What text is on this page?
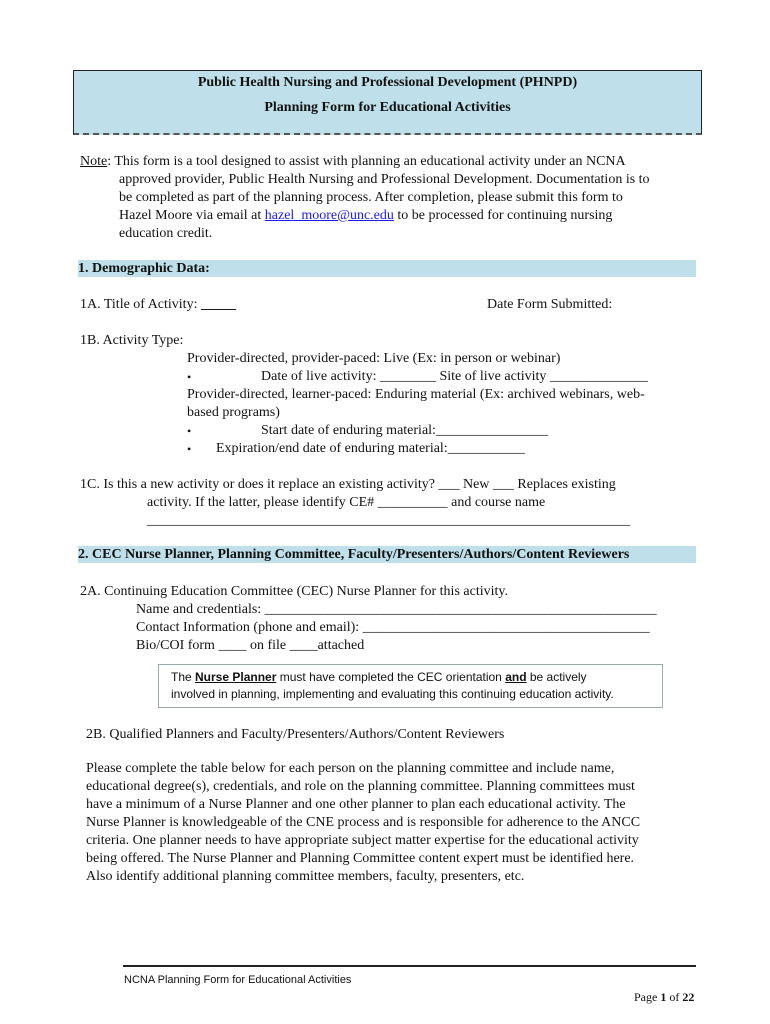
Public Health Nursing and Professional Development (PHNPD)
Planning Form for Educational Activities
Note: This form is a tool designed to assist with planning an educational activity under an NCNA
approved provider, Public Health Nursing and Professional Development. Documentation is to
be completed as part of the planning process. After completion, please submit this form to
Hazel Moore via email at hazel_moore@unc.edu to be processed for continuing nursing
education credit.
1. Demographic Data:
1A. Title of Activity: _____	Date Form Submitted:
1B. Activity Type:
Provider-directed, provider-paced: Live (Ex: in person or webinar)
•	Date of live activity: ________ Site of live activity ______________
Provider-directed, learner-paced: Enduring material (Ex: archived webinars, web-
based programs)
•	Start date of enduring material:________________
• Expiration/end date of enduring material:___________
1C. Is this a new activity or does it replace an existing activity? ___ New ___ Replaces existing
activity. If the latter, please identify CE# __________ and course name
_____________________________________________________________________
2. CEC Nurse Planner, Planning Committee, Faculty/Presenters/Authors/Content Reviewers
2A. Continuing Education Committee (CEC) Nurse Planner for this activity.
Name and credentials: ________________________________________________________
Contact Information (phone and email): _________________________________________
Bio/COI form ____ on file ____attached
The Nurse Planner must have completed the CEC orientation and be actively
involved in planning, implementing and evaluating this continuing education activity.
2B. Qualified Planners and Faculty/Presenters/Authors/Content Reviewers
Please complete the table below for each person on the planning committee and include name,
educational degree(s), credentials, and role on the planning committee. Planning committees must
have a minimum of a Nurse Planner and one other planner to plan each educational activity. The
Nurse Planner is knowledgeable of the CNE process and is responsible for adherence to the ANCC
criteria. One planner needs to have appropriate subject matter expertise for the educational activity
being offered. The Nurse Planner and Planning Committee content expert must be identified here.
Also identify additional planning committee members, faculty, presenters, etc.
NCNA Planning Form for Educational Activities
Page 1 of 22
